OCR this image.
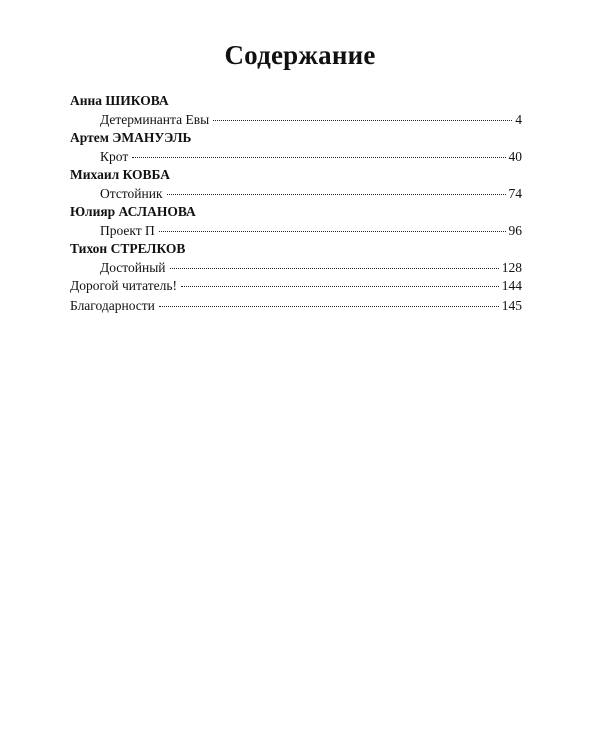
Содержание
Анна ШИКОВА
Детерминанта Евы	4
Артем ЭМАНУЭЛЬ
Крот	40
Михаил КОВБА
Отстойник	74
Юлияр АСЛАНОВА
Проект П	96
Тихон СТРЕЛКОВ
Достойный	128
Дорогой читатель!	144
Благодарности	145
